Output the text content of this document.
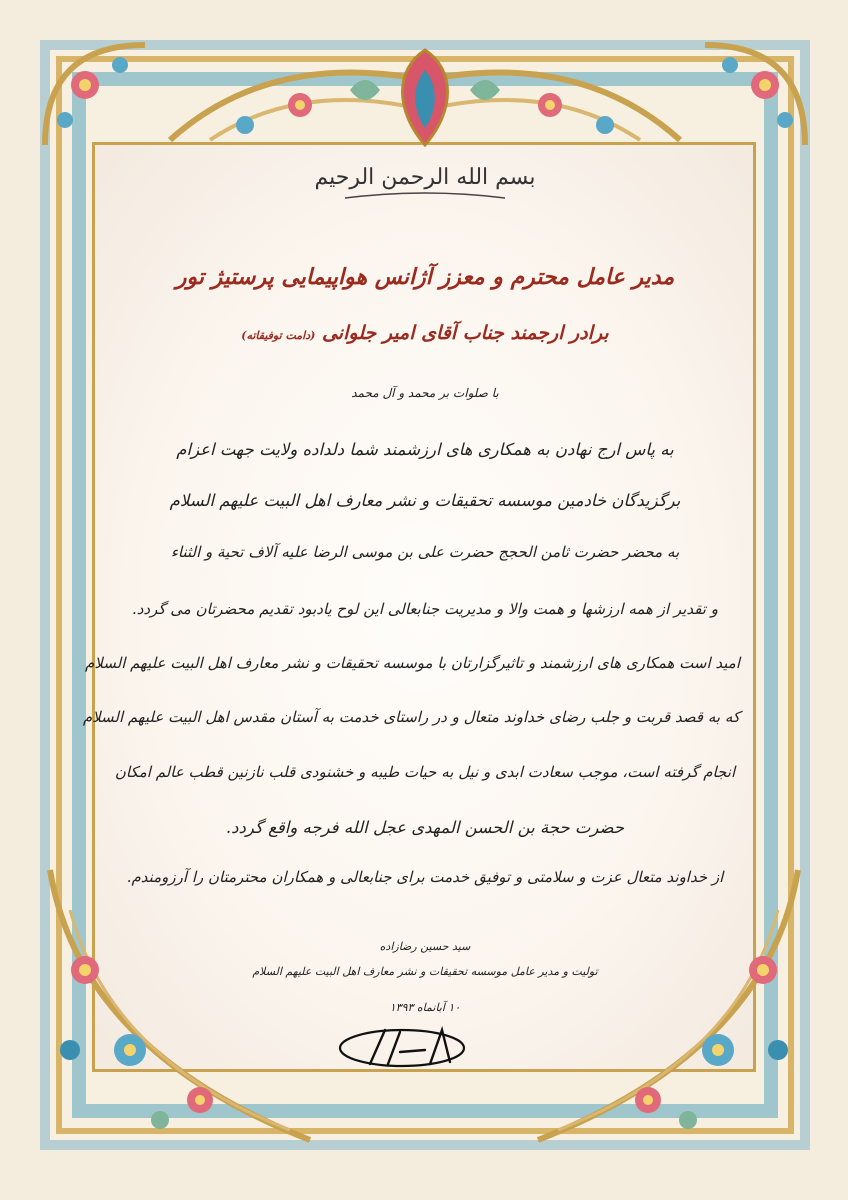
بسم الله الرحمن الرحيم
مدیر عامل محترم و معزز آژانس هواپیمایی پرستیژ تور
برادر ارجمند جناب آقای امیر جلوانی (دامت توفیقاته)
با صلوات بر محمد و آل محمد
به پاس ارج نهادن به همکاری های ارزشمند شما دلداده ولایت جهت اعزام
برگزیدگان خادمین موسسه تحقیقات و نشر معارف اهل البیت علیهم السلام
به محضر حضرت ثامن الحجج حضرت علی بن موسی الرضا علیه آلاف تحیة و الثناء
و تقدیر از همه ارزشها و همت والا و مدیریت جنابعالی این لوح یادبود تقدیم محضرتان می گردد.
امید است همکاری های ارزشمند و تاثیرگزارتان با موسسه تحقیقات و نشر معارف اهل البیت علیهم السلام
که به قصد قربت و جلب رضای خداوند متعال و در راستای خدمت به آستان مقدس اهل البیت علیهم السلام
انجام گرفته است، موجب سعادت ابدی و نیل به حیات طیبه و خشنودی قلب نازنین قطب عالم امکان
حضرت حجة بن الحسن المهدی عجل الله فرجه واقع گردد.
از خداوند متعال عزت و سلامتی و توفیق خدمت برای جنابعالی و همکاران محترمتان را آرزومندم.
سید حسین رضازاده
تولیت و مدیر عامل موسسه تحقیقات و نشر معارف اهل البیت علیهم السلام
۱۰ آبانماه ۱۳۹۳
